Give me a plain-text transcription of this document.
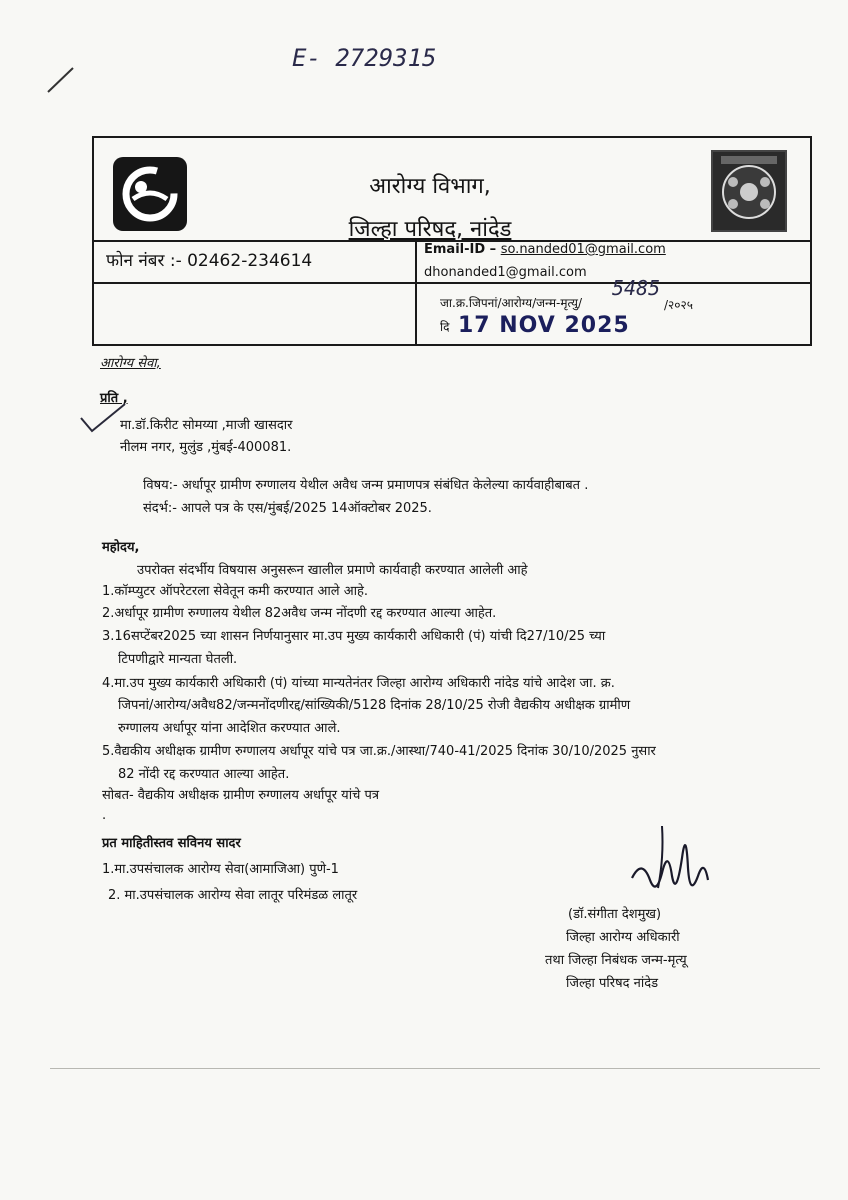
E- 2729315
आरोग्य विभाग,
जिल्हा परिषद, नांदेड
फोन नंबर :- 02462-234614
Email-ID – so.nanded01@gmail.com
dhonanded1@gmail.com
जा.क्र.जिपनां/आरोग्य/जन्म-मृत्यु/
5485
/२०२५
दि 17 NOV 2025
आरोग्य सेवा,
प्रति ,
मा.डॉ.किरीट सोमय्या ,माजी खासदार
नीलम नगर, मुलुंड ,मुंबई-400081.
विषय:- अर्धापूर ग्रामीण रुग्णालय येथील अवैध जन्म प्रमाणपत्र संबंधित केलेल्या कार्यवाहीबाबत .
संदर्भ:- आपले पत्र के एस/मुंबई/2025 14ऑक्टोबर 2025.
महोदय,
उपरोक्त संदर्भीय विषयास अनुसरून खालील प्रमाणे कार्यवाही करण्यात आलेली आहे
1.कॉम्प्युटर ऑपरेटरला सेवेतून कमी करण्यात आले आहे.
2.अर्धापूर ग्रामीण रुग्णालय येथील 82अवैध जन्म नोंदणी रद्द करण्यात आल्या आहेत.
3.16सप्टेंबर2025 च्या शासन निर्णयानुसार मा.उप मुख्य कार्यकारी अधिकारी (पं) यांची दि27/10/25 च्या
टिपणीद्वारे मान्यता घेतली.
4.मा.उप मुख्य कार्यकारी अधिकारी (पं) यांच्या मान्यतेनंतर जिल्हा आरोग्य अधिकारी नांदेड यांचे आदेश जा. क्र.
जिपनां/आरोग्य/अवैध82/जन्मनोंदणीरद्द/सांख्यिकी/5128 दिनांक 28/10/25 रोजी वैद्यकीय अधीक्षक ग्रामीण
रुग्णालय अर्धापूर यांना आदेशित करण्यात आले.
5.वैद्यकीय अधीक्षक ग्रामीण रुग्णालय अर्धापूर यांचे पत्र जा.क्र./आस्था/740-41/2025 दिनांक 30/10/2025 नुसार
82 नोंदी रद्द करण्यात आल्या आहेत.
सोबत- वैद्यकीय अधीक्षक ग्रामीण रुग्णालय अर्धापूर यांचे पत्र
.
प्रत माहितीस्तव सविनय सादर
1.मा.उपसंचालक आरोग्य सेवा(आमाजिआ) पुणे-1
2. मा.उपसंचालक आरोग्य सेवा लातूर परिमंडळ लातूर
(डॉ.संगीता देशमुख)
जिल्हा आरोग्य अधिकारी
तथा जिल्हा निबंधक जन्म-मृत्यू
जिल्हा परिषद नांदेड
